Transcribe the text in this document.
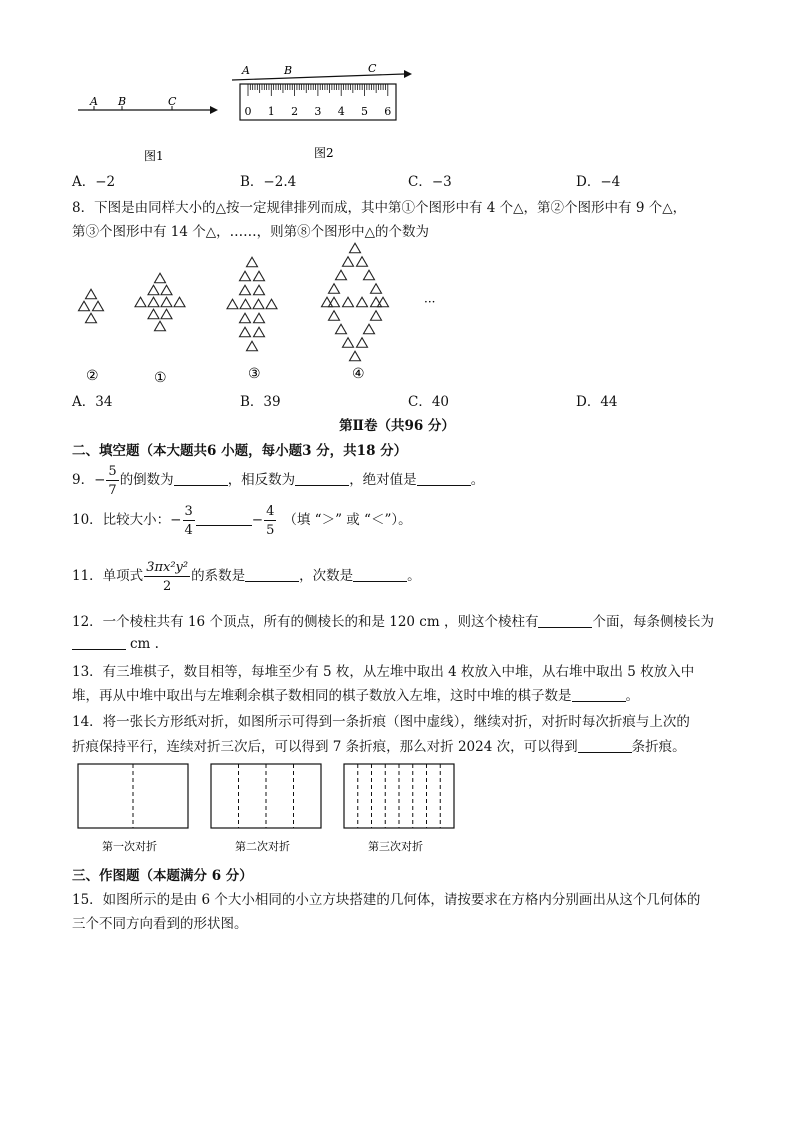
A B	C
图1
A	B	C
0 1 2 3 4 5 6
图2
A．−2	B．−2.4	C．−3	D．−4
8．下图是由同样大小的△按一定规律排列而成，其中第①个图形中有 4 个△，第②个图形中有 9 个△，
第③个图形中有 14 个△，……，则第⑧个图形中△的个数为
①
②	③	④
···
A．34	B．39	C．40	D．44
第Ⅱ卷（共96 分）
二、填空题（本大题共6 小题，每小题3 分，共18 分）
9．− $\frac{5}{7}$ 的倒数为	，相反数为	，绝对值是	。
10．比较大小：− $\frac{3}{4}$	− $\frac{4}{5}$ （填 “＞” 或 “＜”）。
11．单项式 $\frac{\text{3πx²y²}}{2}$ 的系数是	，次数是	。
12．一个棱柱共有 16 个顶点，所有的侧棱长的和是 120 cm ，则这个棱柱有	个面，每条侧棱长为
cm .
13．有三堆棋子，数目相等，每堆至少有 5 枚，从左堆中取出 4 枚放入中堆，从右堆中取出 5 枚放入中
堆，再从中堆中取出与左堆剩余棋子数相同的棋子数放入左堆，这时中堆的棋子数是	。
14．将一张长方形纸对折，如图所示可得到一条折痕（图中虚线），继续对折，对折时每次折痕与上次的
折痕保持平行，连续对折三次后，可以得到 7 条折痕，那么对折 2024 次，可以得到	条折痕。
第一次对折	第二次对折	第三次对折
三、作图题（本题满分 6 分）
15．如图所示的是由 6 个大小相同的小立方块搭建的几何体，请按要求在方格内分别画出从这个几何体的
三个不同方向看到的形状图。
